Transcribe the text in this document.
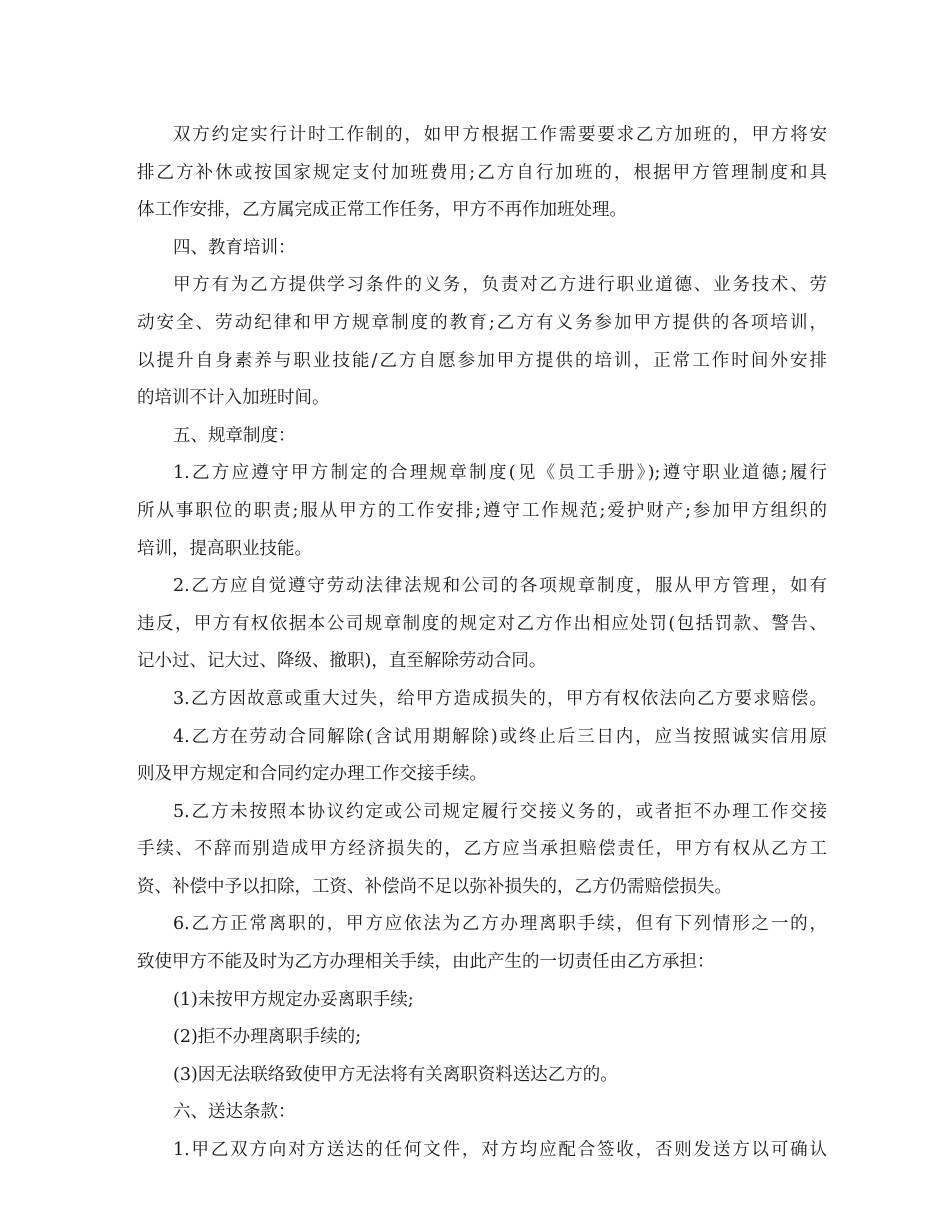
双方约定实行计时工作制的，如甲方根据工作需要要求乙方加班的，甲方将安
排乙方补休或按国家规定支付加班费用;乙方自行加班的，根据甲方管理制度和具
体工作安排，乙方属完成正常工作任务，甲方不再作加班处理。
四、教育培训：
甲方有为乙方提供学习条件的义务，负责对乙方进行职业道德、业务技术、劳
动安全、劳动纪律和甲方规章制度的教育;乙方有义务参加甲方提供的各项培训，
以提升自身素养与职业技能/乙方自愿参加甲方提供的培训，正常工作时间外安排
的培训不计入加班时间。
五、规章制度：
1.乙方应遵守甲方制定的合理规章制度(见《员工手册》);遵守职业道德;履行
所从事职位的职责;服从甲方的工作安排;遵守工作规范;爱护财产;参加甲方组织的
培训，提高职业技能。
2.乙方应自觉遵守劳动法律法规和公司的各项规章制度，服从甲方管理，如有
违反，甲方有权依据本公司规章制度的规定对乙方作出相应处罚(包括罚款、警告、
记小过、记大过、降级、撤职)，直至解除劳动合同。
3.乙方因故意或重大过失，给甲方造成损失的，甲方有权依法向乙方要求赔偿。
4.乙方在劳动合同解除(含试用期解除)或终止后三日内，应当按照诚实信用原
则及甲方规定和合同约定办理工作交接手续。
5.乙方未按照本协议约定或公司规定履行交接义务的，或者拒不办理工作交接
手续、不辞而别造成甲方经济损失的，乙方应当承担赔偿责任，甲方有权从乙方工
资、补偿中予以扣除，工资、补偿尚不足以弥补损失的，乙方仍需赔偿损失。
6.乙方正常离职的，甲方应依法为乙方办理离职手续，但有下列情形之一的，
致使甲方不能及时为乙方办理相关手续，由此产生的一切责任由乙方承担：
(1)未按甲方规定办妥离职手续;
(2)拒不办理离职手续的;
(3)因无法联络致使甲方无法将有关离职资料送达乙方的。
六、送达条款：
1.甲乙双方向对方送达的任何文件，对方均应配合签收，否则发送方以可确认
